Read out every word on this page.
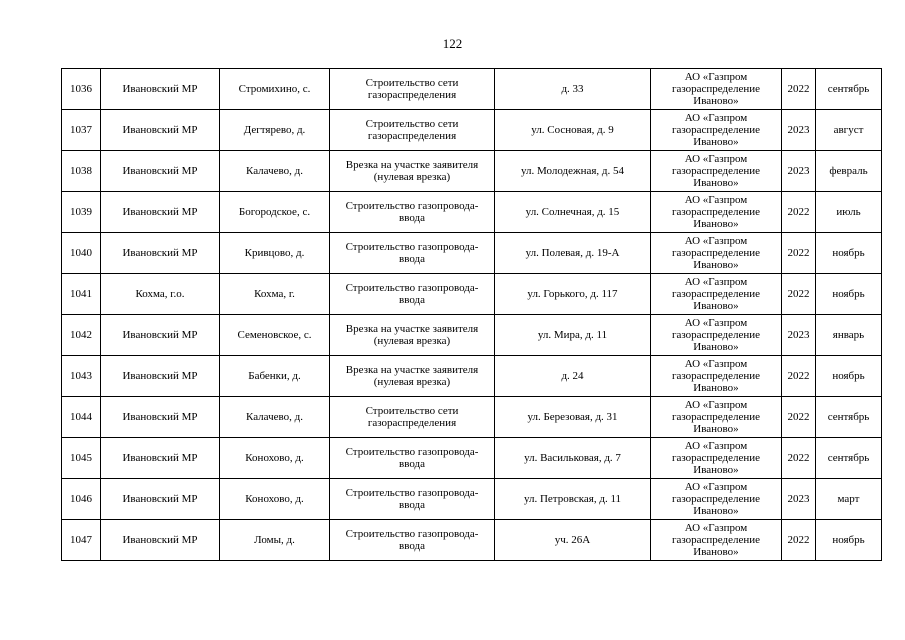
122
1036	Ивановский МР	Стромихино, с.	Строительство сети газораспределения	д. 33	АО «Газпром газораспределение Иваново»	2022	сентябрь
1037	Ивановский МР	Дегтярево, д.	Строительство сети газораспределения	ул. Сосновая, д. 9	АО «Газпром газораспределение Иваново»	2023	август
1038	Ивановский МР	Калачево, д.	Врезка на участке заявителя (нулевая врезка)	ул. Молодежная, д. 54	АО «Газпром газораспределение Иваново»	2023	февраль
1039	Ивановский МР	Богородское, с.	Строительство газопровода-ввода	ул. Солнечная, д. 15	АО «Газпром газораспределение Иваново»	2022	июль
1040	Ивановский МР	Кривцово, д.	Строительство газопровода-ввода	ул. Полевая, д. 19-А	АО «Газпром газораспределение Иваново»	2022	ноябрь
1041	Кохма, г.о.	Кохма, г.	Строительство газопровода-ввода	ул. Горького, д. 117	АО «Газпром газораспределение Иваново»	2022	ноябрь
1042	Ивановский МР	Семеновское, с.	Врезка на участке заявителя (нулевая врезка)	ул. Мира, д. 11	АО «Газпром газораспределение Иваново»	2023	январь
1043	Ивановский МР	Бабенки, д.	Врезка на участке заявителя (нулевая врезка)	д. 24	АО «Газпром газораспределение Иваново»	2022	ноябрь
1044	Ивановский МР	Калачево, д.	Строительство сети газораспределения	ул. Березовая, д. 31	АО «Газпром газораспределение Иваново»	2022	сентябрь
1045	Ивановский МР	Конохово, д.	Строительство газопровода-ввода	ул. Васильковая, д. 7	АО «Газпром газораспределение Иваново»	2022	сентябрь
1046	Ивановский МР	Конохово, д.	Строительство газопровода-ввода	ул. Петровская, д. 11	АО «Газпром газораспределение Иваново»	2023	март
1047	Ивановский МР	Ломы, д.	Строительство газопровода-ввода	уч. 26А	АО «Газпром газораспределение Иваново»	2022	ноябрь
